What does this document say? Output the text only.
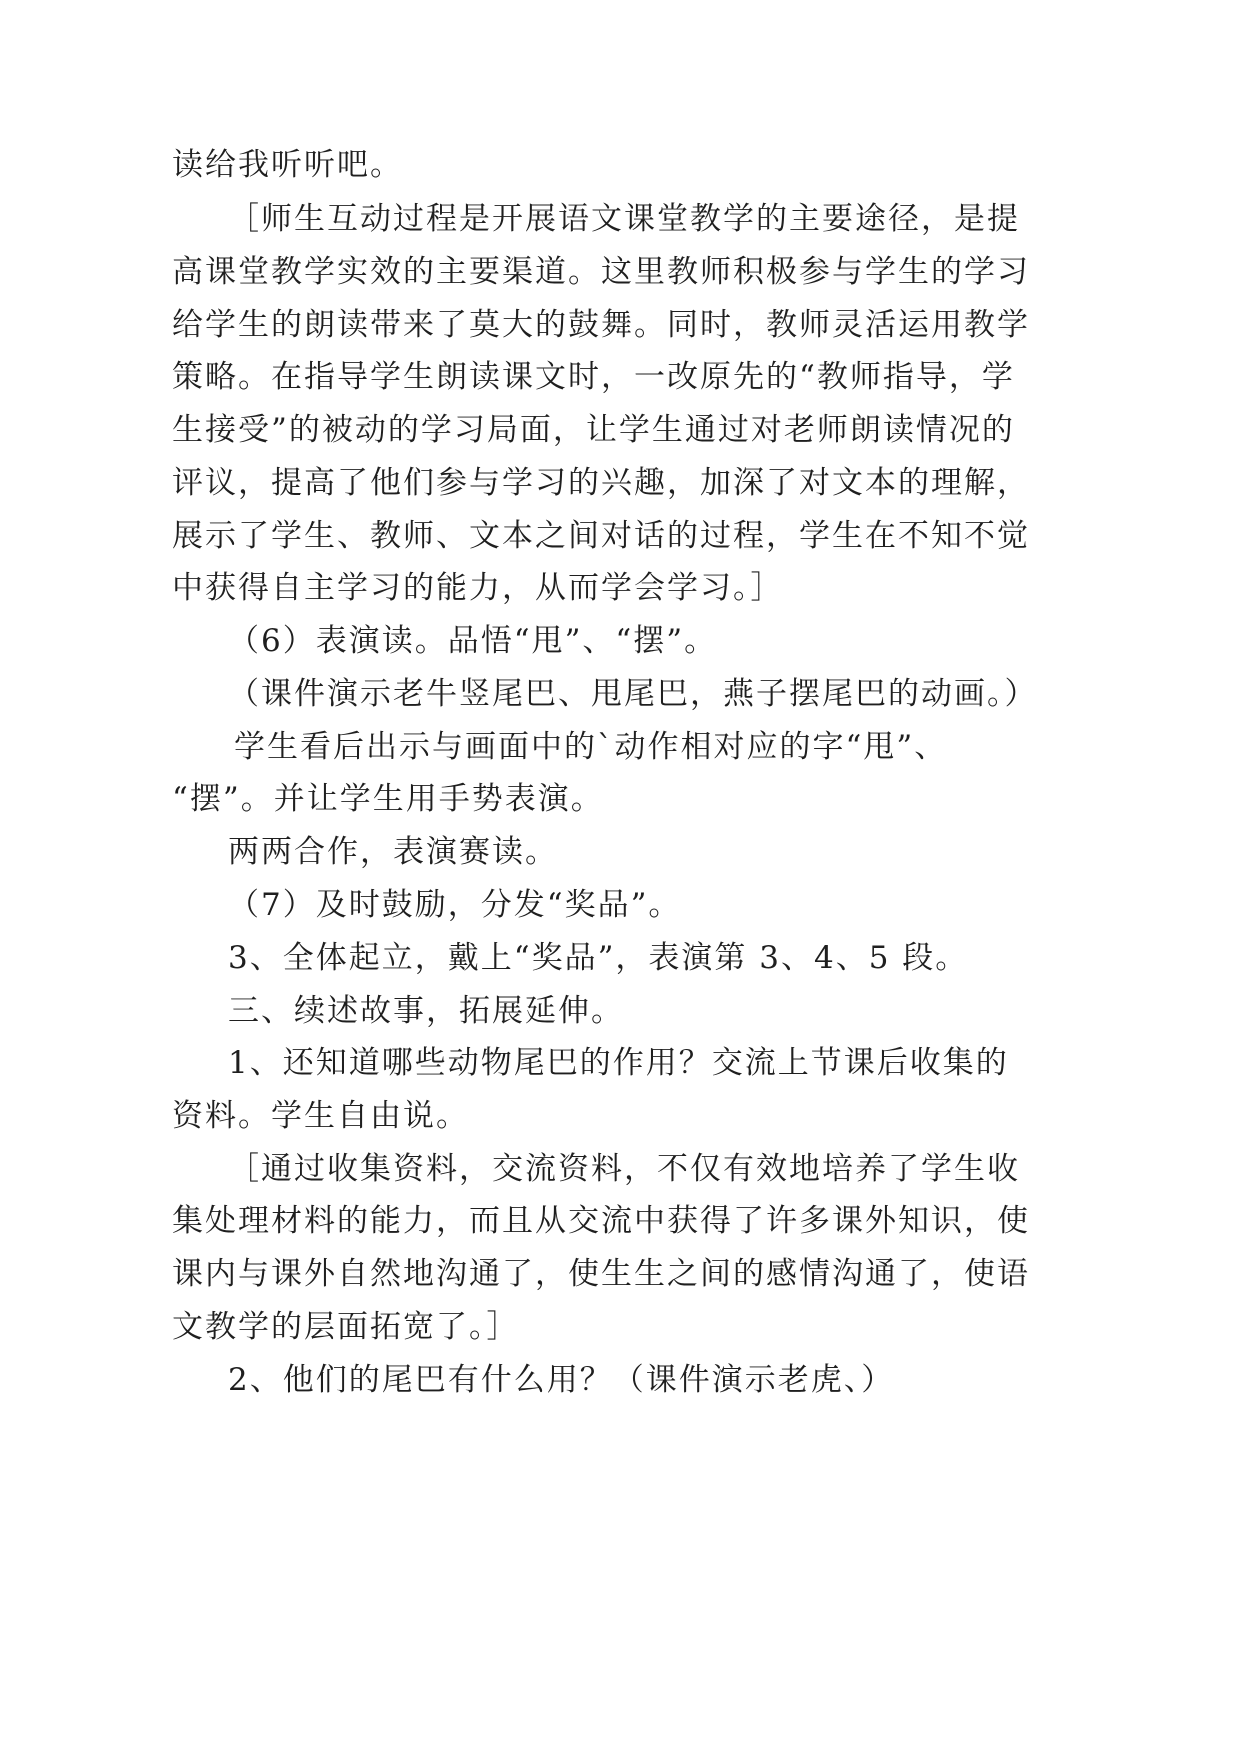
读给我听听吧。
［师生互动过程是开展语文课堂教学的主要途径，是提
高课堂教学实效的主要渠道。这里教师积极参与学生的学习
给学生的朗读带来了莫大的鼓舞。同时，教师灵活运用教学
策略。在指导学生朗读课文时，一改原先的“教师指导，学
生接受”的被动的学习局面，让学生通过对老师朗读情况的
评议，提高了他们参与学习的兴趣，加深了对文本的理解，
展示了学生、教师、文本之间对话的过程，学生在不知不觉
中获得自主学习的能力，从而学会学习。］
（6）表演读。品悟“甩”、“摆”。
（课件演示老牛竖尾巴、甩尾巴，燕子摆尾巴的动画。）
学生看后出示与画面中的`动作相对应的字“甩”、
“摆”。并让学生用手势表演。
两两合作，表演赛读。
（7）及时鼓励，分发“奖品”。
3、全体起立，戴上“奖品”，表演第 3、4、5 段。
三、续述故事，拓展延伸。
1、还知道哪些动物尾巴的作用？交流上节课后收集的
资料。学生自由说。
［通过收集资料，交流资料，不仅有效地培养了学生收
集处理材料的能力，而且从交流中获得了许多课外知识，使
课内与课外自然地沟通了，使生生之间的感情沟通了，使语
文教学的层面拓宽了。］
2、他们的尾巴有什么用？（课件演示老虎、）
